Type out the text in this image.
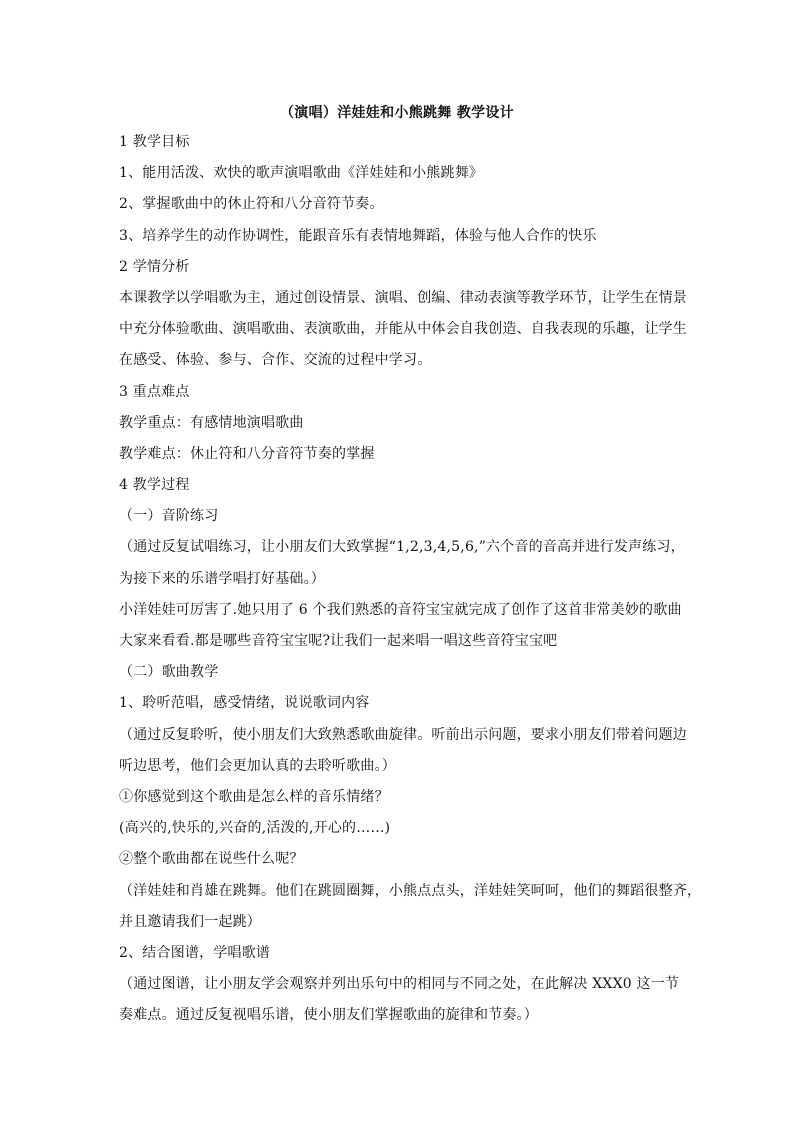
（演唱）洋娃娃和小熊跳舞 教学设计
1 教学目标
1、能用活泼、欢快的歌声演唱歌曲《洋娃娃和小熊跳舞》
2、掌握歌曲中的休止符和八分音符节奏。
3、培养学生的动作协调性，能跟音乐有表情地舞蹈，体验与他人合作的快乐
2 学情分析
本课教学以学唱歌为主，通过创设情景、演唱、创编、律动表演等教学环节，让学生在情景
中充分体验歌曲、演唱歌曲、表演歌曲，并能从中体会自我创造、自我表现的乐趣，让学生
在感受、体验、参与、合作、交流的过程中学习。
3 重点难点
教学重点：有感情地演唱歌曲
教学难点：休止符和八分音符节奏的掌握
4 教学过程
（一）音阶练习
（通过反复试唱练习，让小朋友们大致掌握“1,2,3,4,5,6,”六个音的音高并进行发声练习，
为接下来的乐谱学唱打好基础。）
小洋娃娃可厉害了.她只用了 6 个我们熟悉的音符宝宝就完成了创作了这首非常美妙的歌曲
大家来看看.都是哪些音符宝宝呢?让我们一起来唱一唱这些音符宝宝吧
（二）歌曲教学
1、聆听范唱，感受情绪，说说歌词内容
（通过反复聆听，使小朋友们大致熟悉歌曲旋律。听前出示问题，要求小朋友们带着问题边
听边思考，他们会更加认真的去聆听歌曲。）
①你感觉到这个歌曲是怎么样的音乐情绪？
(高兴的,快乐的,兴奋的,活泼的,开心的……)
②整个歌曲都在说些什么呢？
（洋娃娃和肖雄在跳舞。他们在跳圆圈舞，小熊点点头，洋娃娃笑呵呵，他们的舞蹈很整齐，
并且邀请我们一起跳）
2、结合图谱，学唱歌谱
（通过图谱，让小朋友学会观察并列出乐句中的相同与不同之处，在此解决 XXX0 这一节
奏难点。通过反复视唱乐谱，使小朋友们掌握歌曲的旋律和节奏。）
